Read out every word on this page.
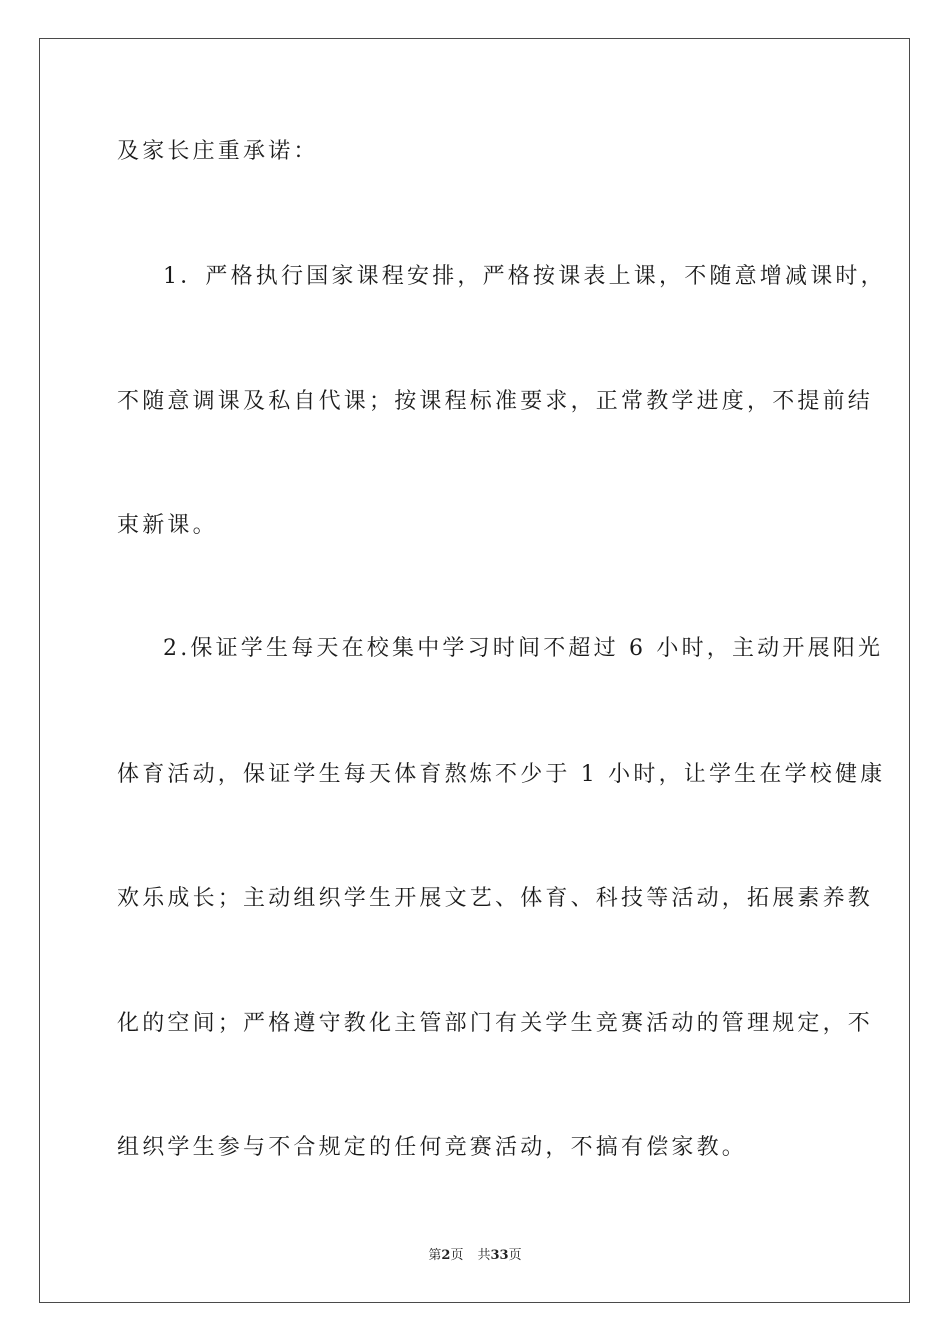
及家长庄重承诺：
1．严格执行国家课程安排，严格按课表上课，不随意增减课时，
不随意调课及私自代课；按课程标准要求，正常教学进度，不提前结
束新课。
2.保证学生每天在校集中学习时间不超过 6 小时，主动开展阳光
体育活动，保证学生每天体育熬炼不少于 1 小时，让学生在学校健康
欢乐成长；主动组织学生开展文艺、体育、科技等活动，拓展素养教
化的空间；严格遵守教化主管部门有关学生竞赛活动的管理规定，不
组织学生参与不合规定的任何竞赛活动，不搞有偿家教。
第2页 共33页
